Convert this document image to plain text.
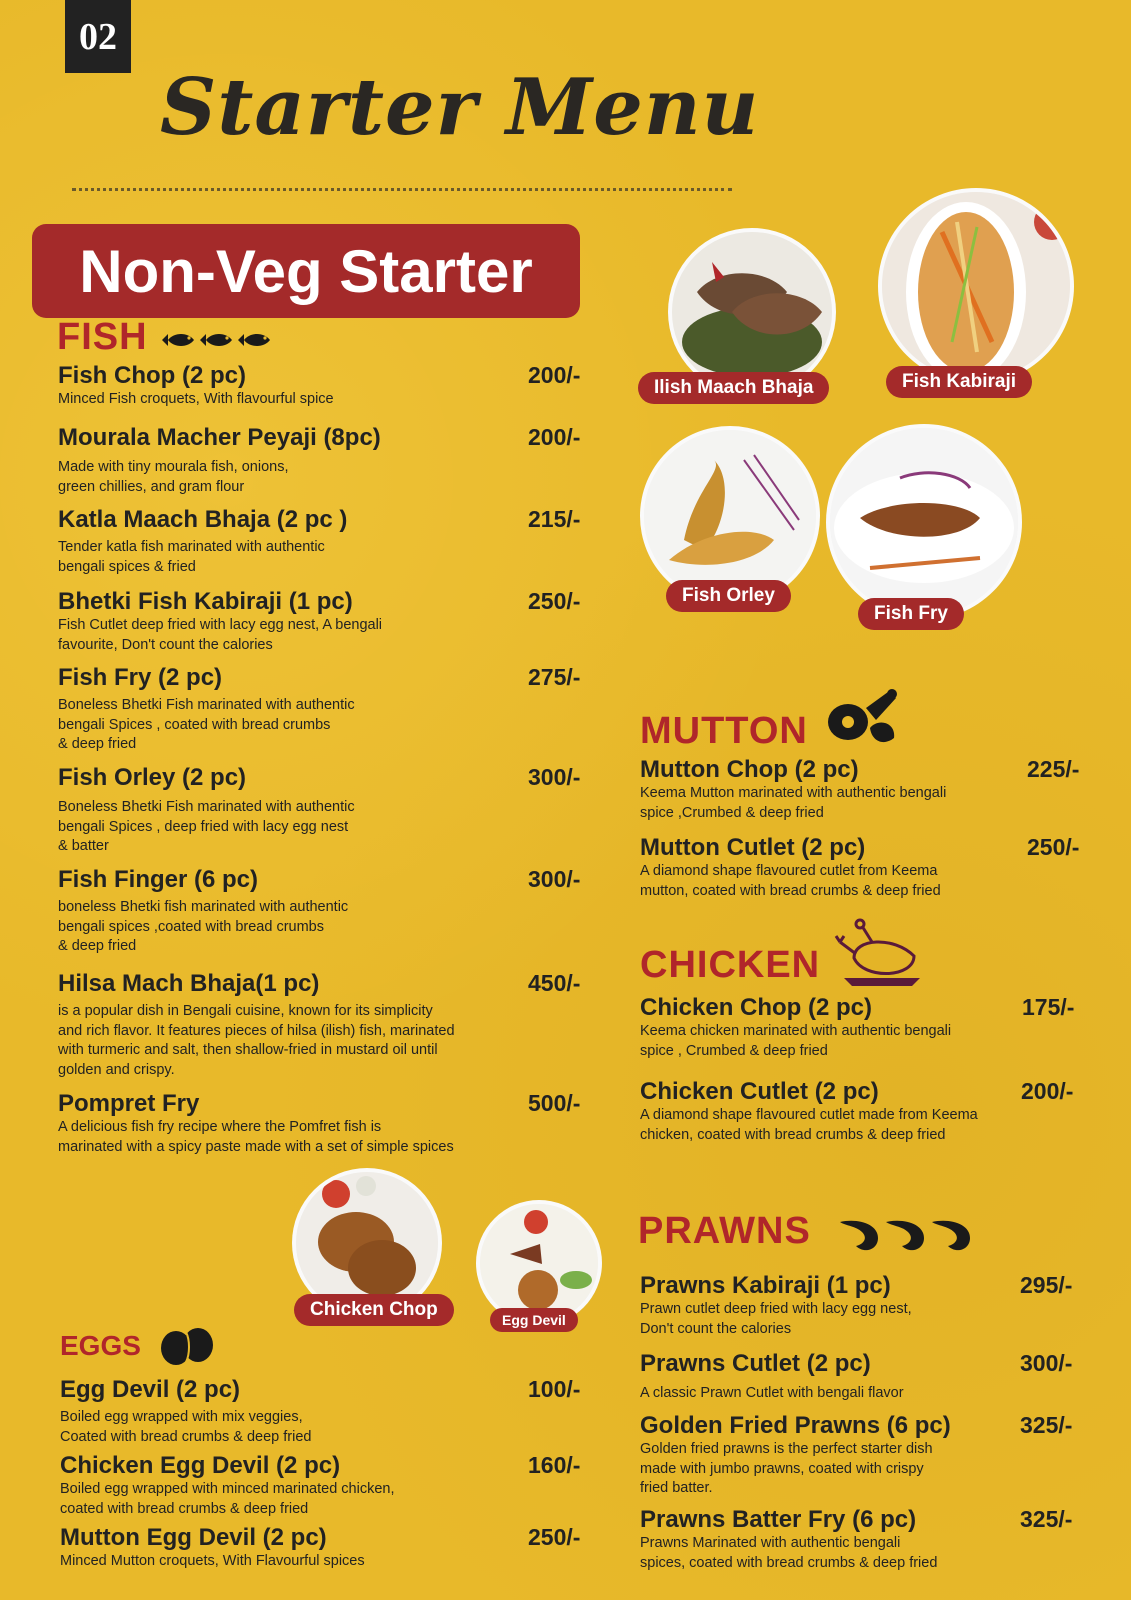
02
Starter Menu
Non-Veg Starter
FISH
Fish Chop (2 pc)	200/-
Minced Fish croquets, With flavourful spice
Mourala Macher Peyaji (8pc)	200/-
Made with tiny mourala fish, onions,
green chillies, and gram flour
Katla Maach Bhaja (2 pc )	215/-
Tender katla fish marinated with authentic
bengali spices & fried
Bhetki Fish Kabiraji (1 pc)	250/-
Fish Cutlet deep fried with lacy egg nest, A bengali
favourite, Don't count the calories
Fish Fry (2 pc)	275/-
Boneless Bhetki Fish marinated with authentic
bengali Spices , coated with bread crumbs
& deep fried
Fish Orley (2 pc)	300/-
Boneless Bhetki Fish marinated with authentic
bengali Spices , deep fried with lacy egg nest
& batter
Fish Finger (6 pc)	300/-
boneless Bhetki fish marinated with authentic
bengali spices ,coated with bread crumbs
& deep fried
Hilsa Mach Bhaja(1 pc)	450/-
is a popular dish in Bengali cuisine, known for its simplicity
and rich flavor. It features pieces of hilsa (ilish) fish, marinated
with turmeric and salt, then shallow-fried in mustard oil until
golden and crispy.
Pompret Fry	500/-
A delicious fish fry recipe where the Pomfret fish is
marinated with a spicy paste made with a set of simple spices
Ilish Maach Bhaja	Fish Kabiraji
Fish Orley
Fish Fry
MUTTON
Mutton Chop (2 pc)	225/-
Keema Mutton marinated with authentic bengali
spice ,Crumbed & deep fried
Mutton Cutlet (2 pc)	250/-
A diamond shape flavoured cutlet from Keema
mutton, coated with bread crumbs & deep fried
CHICKEN
Chicken Chop (2 pc)	175/-
Keema chicken marinated with authentic bengali
spice , Crumbed & deep fried
Chicken Cutlet (2 pc)	200/-
A diamond shape flavoured cutlet made from Keema
chicken, coated with bread crumbs & deep fried
PRAWNS
Prawns Kabiraji (1 pc)	295/-
Prawn cutlet deep fried with lacy egg nest,
Don't count the calories
Prawns Cutlet (2 pc)	300/-
A classic Prawn Cutlet with bengali flavor
Golden Fried Prawns (6 pc)	325/-
Golden fried prawns is the perfect starter dish
made with jumbo prawns, coated with crispy
fried batter.
Prawns Batter Fry (6 pc)	325/-
Prawns Marinated with authentic bengali
spices, coated with bread crumbs & deep fried
Chicken Chop	Egg Devil
EGGS
Egg Devil (2 pc)	100/-
Boiled egg wrapped with mix veggies,
Coated with bread crumbs & deep fried
Chicken Egg Devil (2 pc)	160/-
Boiled egg wrapped with minced marinated chicken,
coated with bread crumbs & deep fried
Mutton Egg Devil (2 pc)	250/-
Minced Mutton croquets, With Flavourful spices
